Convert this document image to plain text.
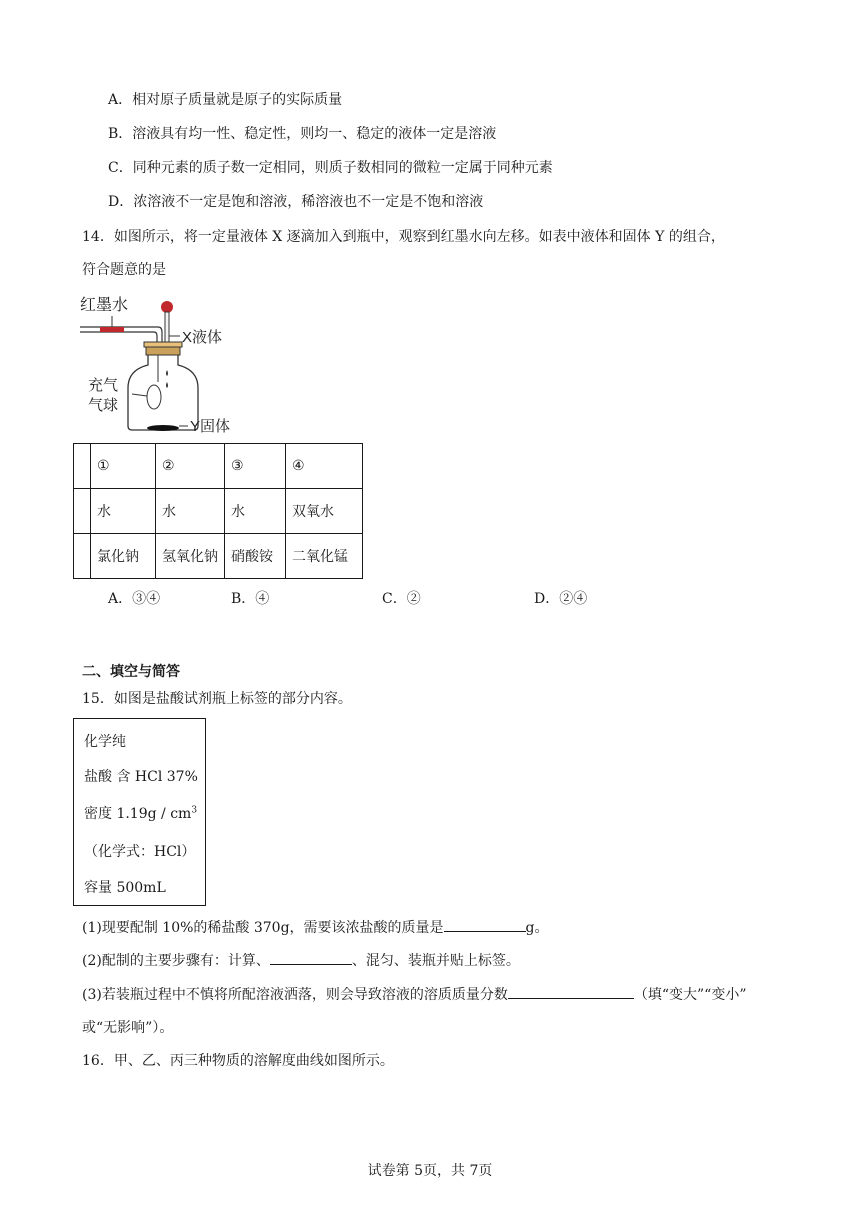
A．相对原子质量就是原子的实际质量
B．溶液具有均一性、稳定性，则均一、稳定的液体一定是溶液
C．同种元素的质子数一定相同，则质子数相同的微粒一定属于同种元素
D．浓溶液不一定是饱和溶液，稀溶液也不一定是不饱和溶液
14．如图所示，将一定量液体 X 逐滴加入到瓶中，观察到红墨水向左移。如表中液体和固体 Y 的组合，
符合题意的是
红墨水
X液体
充气
气球
Y固体
	①	②	③	④
	水	水	水	双氧水
	氯化钠	氢氧化钠	硝酸铵	二氧化锰
A．③④	B．④	C．②	D．②④
二、填空与简答
15．如图是盐酸试剂瓶上标签的部分内容。
化学纯
盐酸 含 HCl 37%
密度 $1.19g / cm^3$
（化学式：HCl）
容量 500mL
(1)现要配制 10%的稀盐酸 370g，需要该浓盐酸的质量是	g。
(2)配制的主要步骤有：计算、	、混匀、装瓶并贴上标签。
(3)若装瓶过程中不慎将所配溶液洒落，则会导致溶液的溶质质量分数	（填“变大”“变小”
或“无影响”）。
16．甲、乙、丙三种物质的溶解度曲线如图所示。
试卷第 5页，共 7页
